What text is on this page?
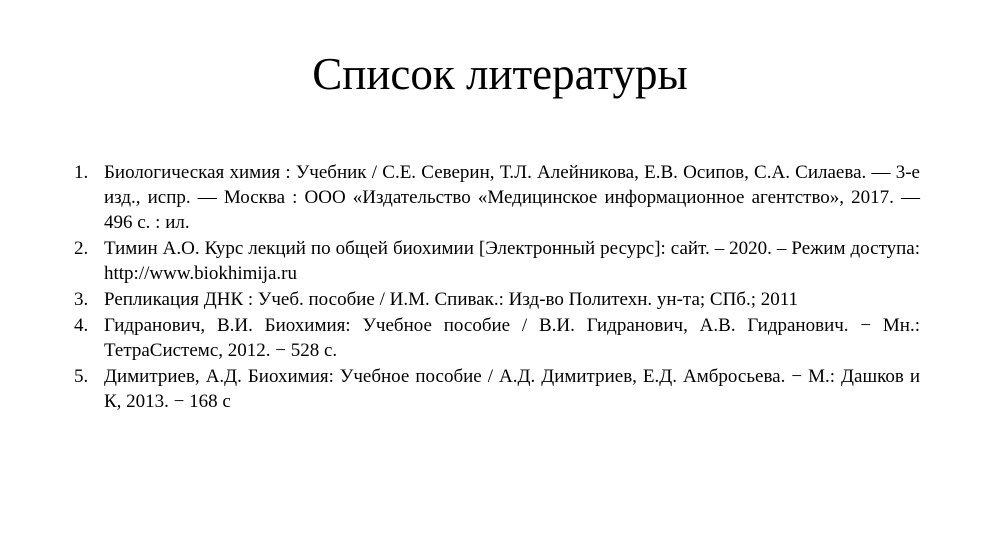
Список литературы
1. Биологическая химия : Учебник / С.Е. Северин, Т.Л. Алейникова, Е.В. Осипов, С.А. Силаева. — 3-е изд., испр. — Москва : ООО «Издательство «Медицинское информационное агентство», 2017. — 496 с. : ил.
2. Тимин А.О. Курс лекций по общей биохимии [Электронный ресурс]: сайт. – 2020. – Режим доступа: http://www.biokhimija.ru
3. Репликация ДНК : Учеб. пособие / И.М. Спивак.: Изд-во Политехн. ун-та; СПб.; 2011
4. Гидранович, В.И. Биохимия: Учебное пособие / В.И. Гидранович, А.В. Гидранович. − Мн.: ТетраСистемс, 2012. − 528 с.
5. Димитриев, А.Д. Биохимия: Учебное пособие / А.Д. Димитриев, Е.Д. Амбросьева. − М.: Дашков и К, 2013. − 168 с
